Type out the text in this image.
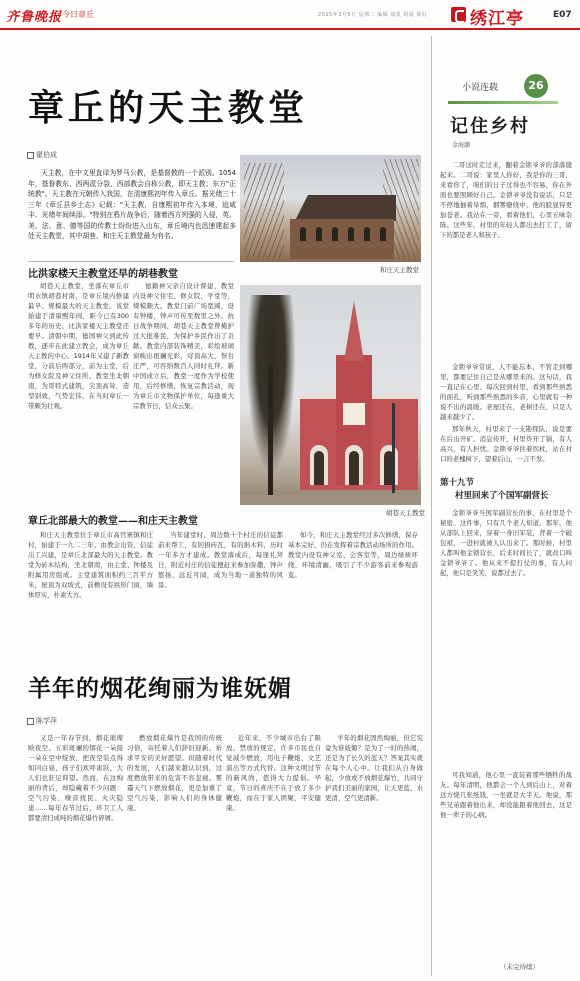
齐鲁晚报 今日章丘	2015年3月5日 星期二 编辑 康凯 组版 徐红 绣江亭	E07
章丘的天主教堂
翟伯成
天主教，在中文里直译为罗马公教，是基督教的一个派别。1054年，基督教东、西两派分裂，西部教会自称公教，即天主教；东方"正统教"。天主教在元朝传入我国，在清康熙初年传入章丘。据光绪三十三年《章丘县乡土志》记载："天主教，自康熙初年传入本境，迨咸丰、光绪年间续添。"特别在鸦片战争后，随着西方列强的入侵，英、美、法、意、德等国的传教士纷纷进入山东，章丘境内也迅速建起多处天主教堂，其中胡巷、和庄天主教堂最为有名。
和庄天主教堂
比洪家楼天主教堂还早的胡巷教堂
胡巷天主教堂，坐落在章丘市明水镇胡巷村南，是章丘境内修建最早、规模最大的天主教堂。该堂始建于清康熙年间，距今已有300多年的历史，比洪家楼天主教堂还要早。清朝中期，德国神父到此传教，逐步在此建立教会，成为章丘天主教的中心。1914年又建了新教堂，分前后两部分，前为主堂，后为修女院及神父住所。教堂坐北朝南，为哥特式建筑，尖顶高耸，造型别致，气势宏伟，在当时章丘一带颇为壮观。
德籍神父亲自设计督建，教堂内设神父住宅、修女院、学堂等，规模颇大。教堂门前广场宽阔，设有钟楼，钟声可传至数里之外。抗日战争期间，胡巷天主教堂曾掩护过大批难民，为保护乡民作出了贡献。教堂内部装饰精美，彩绘玻璃窗映出斑斓光彩，穹顶高大，祭台庄严，可容纳数百人同时礼拜。新中国成立后，教堂一度作为学校使用，后经修缮，恢复宗教活动，现为章丘市文物保护单位，每逢重大宗教节日，信众云集。
胡巷天主教堂
章丘北部最大的教堂——和庄天主教堂
和庄天主教堂位于章丘市高官寨镇和庄村，始建于一九二三年，由教会出资、信徒出工兴建，是章丘北部最大的天主教堂。教堂为砖木结构，坐北朝南，由主堂、钟楼及附属用房组成。主堂建筑面积约三百平方米，屋顶为双坡式，前檐设有拱形门窗，墙体厚实，朴素大方。
当年建堂时，周边数十个村庄的信徒都前来帮工，有的捐砖瓦，有的捐木料，历时一年多方才建成。教堂落成后，每逢礼拜日，附近村庄的信徒便赶来参加弥撒，钟声悠扬，远近可闻，成为当地一道独特的风景。
如今，和庄天主教堂经过多次修缮，保存基本完好，仍在发挥着宗教活动场所的作用。教堂内设有神父室、会客室等，周边绿树环绕，环境清幽，吸引了不少游客前来参观游览。
羊年的烟花绚丽为谁妩媚
陈学萍
又是一年春节到，烟花璀璨映夜空。五彩斑斓的烟花一朵接一朵在空中绽放，把夜空装点得如同白昼，孩子们欢呼雀跃，大人们也驻足仰望。然而，在这绚丽的背后，却隐藏着不少问题：空气污染、噪音扰民、火灾隐患……每年春节过后，环卫工人都要清扫成吨的烟花爆竹碎屑。
燃放烟花爆竹是我国的传统习俗，寄托着人们辞旧迎新、祈求平安的美好愿望。但随着时代的发展，人们越来越认识到，过度燃放带来的危害不容忽视。雾霾天气下燃放烟花，更是加重了空气污染，影响人们的身体健康。
近年来，不少城市出台了限放、禁放的规定，许多市民也自觉减少燃放，用电子鞭炮、文艺演出等方式代替。这种文明过节的新风尚，值得大力提倡。毕竟，节日的喜庆不在于放了多少鞭炮，而在于家人团聚、平安健康。
羊年的烟花固然绚丽，但它究竟为谁妩媚？是为了一时的热闹，还是为了长久的蓝天？答案其实就在每个人心中。让我们从自身做起，少放或不放烟花爆竹，共同守护我们美丽的家园，让天更蓝、水更清、空气更清新。
小说连载	26
记住乡村
金海潮
二哥这时走过来，翻着金锁爷爷的部落缝起来。二哥说：家里人你好，我是你的三哥，来看你了，咱们的日子过得也不容易，你在外面也要照顾好自己。金锁爷爷没有说话，只是不停地抽着旱烟，烟雾缭绕中，他的脸显得更加苍老。我站在一旁，看着他们，心里五味杂陈。这些年，村里的年轻人都出去打工了，留下的都是老人和孩子。
金锁爷爷常说，人不能忘本，不管走到哪里，都要记住自己是从哪里来的。这句话，我一直记在心里。每次回到村里，看到那些熟悉的面孔，听到那些熟悉的乡音，心里就有一种说不出的温暖。老屋还在，老树还在，只是人越来越少了。
那年秋天，村里来了一支勘探队，说是要在后山开矿。消息传开，村里炸开了锅，有人高兴，有人担忧。金锁爷爷拄着拐杖，站在村口的老槐树下，望着后山，一言不发。
第十九节
村里回来了个国军副营长
金锁爷爷当国军副营长的事，在村里是个秘密。这件事，只有几个老人知道。那年，他从部队上回来，穿着一身旧军装，背着一个破包袱，一进村就被人认出来了。那时候，村里人都叫他金锁营长，后来时间长了，就改口叫金锁爷爷了。他从来不提打仗的事，有人问起，他只是笑笑，说都过去了。
可我知道，他心里一直装着那些牺牲的战友。每年清明，他都会一个人到后山上，对着远方烧几张纸钱，一坐就是大半天。他说，那些兄弟跟着他出来，却没能跟着他回去，这是他一辈子的心病。
（未完待续）
